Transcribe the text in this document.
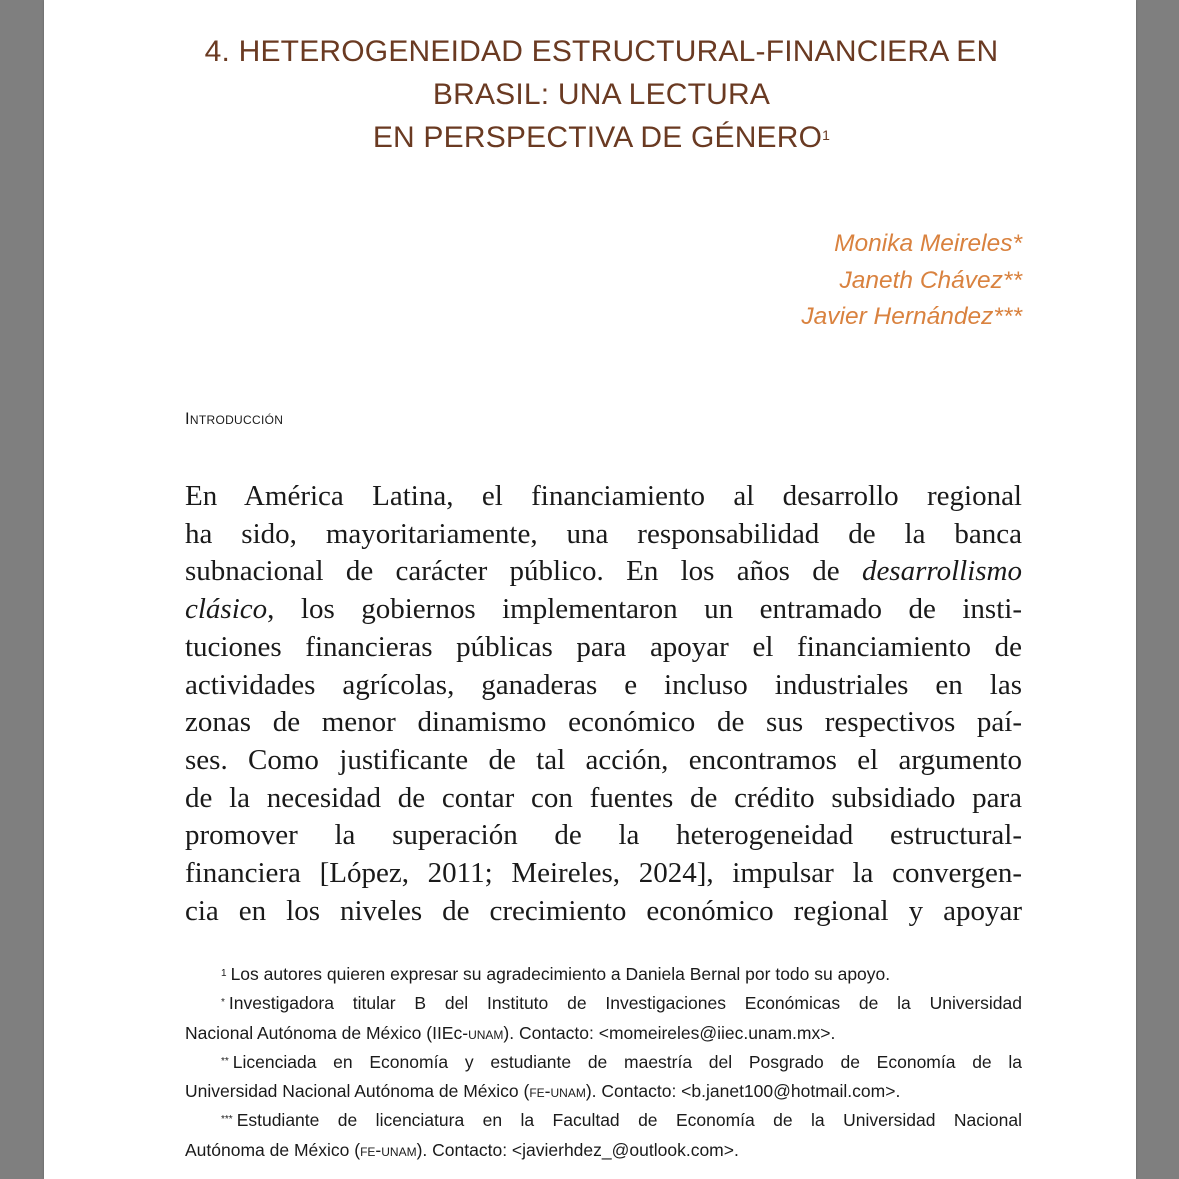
4. HETEROGENEIDAD ESTRUCTURAL-FINANCIERA EN
BRASIL: UNA LECTURA
EN PERSPECTIVA DE GÉNERO$^1$
Monika Meireles*
Janeth Chávez**
Javier Hernández***
Introducción
En América Latina, el financiamiento al desarrollo regional
ha sido, mayoritariamente, una responsabilidad de la banca
subnacional de carácter público. En los años de desarrollismo
clásico, los gobiernos implementaron un entramado de insti-
tuciones financieras públicas para apoyar el financiamiento de
actividades agrícolas, ganaderas e incluso industriales en las
zonas de menor dinamismo económico de sus respectivos paí-
ses. Como justificante de tal acción, encontramos el argumento
de la necesidad de contar con fuentes de crédito subsidiado para
promover la superación de la heterogeneidad estructural-
financiera [López, 2011; Meireles, 2024], impulsar la convergen-
cia en los niveles de crecimiento económico regional y apoyar
$^1$ Los autores quieren expresar su agradecimiento a Daniela Bernal por todo su apoyo.
* Investigadora titular B del Instituto de Investigaciones Económicas de la Universidad
Nacional Autónoma de México (IIEc-unam). Contacto: <momeireles@iiec.unam.mx>.
** Licenciada en Economía y estudiante de maestría del Posgrado de Economía de la
Universidad Nacional Autónoma de México (fe-unam). Contacto: <b.janet100@hotmail.com>.
*** Estudiante de licenciatura en la Facultad de Economía de la Universidad Nacional
Autónoma de México (fe-unam). Contacto: <javierhdez_@outlook.com>.
